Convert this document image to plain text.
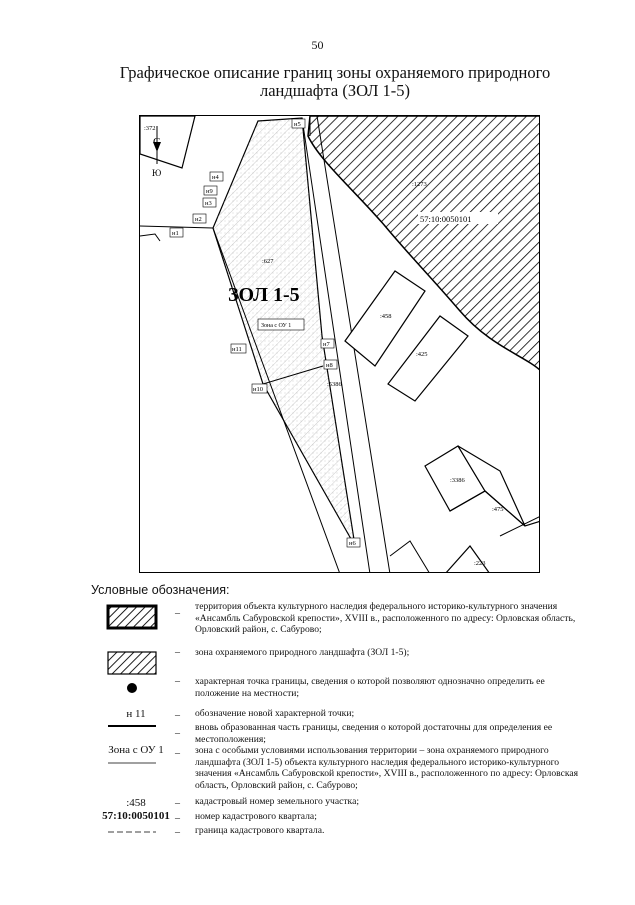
50
Графическое описание границ зоны охраняемого природного
ландшафта (ЗОЛ 1-5)
С
Ю
:372
:1273
:627
:458
:425
:5386
:3386
:475
:223
57:10:0050101
ЗОЛ 1-5
Зона с ОУ 1
н1
н2
н3
н4
н5
н6
н7
н8
н9
н10
н11
Условные обозначения:
н 11
Зона с ОУ 1
:458
57:10:0050101
–
–
–
–
–
–
–
–
–
территория объекта культурного наследия федерального историко-культурного значения «Ансамбль Сабуровской крепости», XVIII в., расположенного по адресу: Орловская область, Орловский район, с. Сабурово;
зона охраняемого природного ландшафта (ЗОЛ 1-5);
характерная точка границы, сведения о которой позволяют однозначно определить ее положение на местности;
обозначение новой характерной точки;
вновь образованная часть границы, сведения о которой достаточны для определения ее местоположения;
зона с особыми условиями использования территории – зона охраняемого природного ландшафта (ЗОЛ 1-5) объекта культурного наследия федерального историко-культурного значения «Ансамбль Сабуровской крепости», XVIII в., расположенного по адресу: Орловская область, Орловский район, с. Сабурово;
кадастровый номер земельного участка;
номер кадастрового квартала;
граница кадастрового квартала.
